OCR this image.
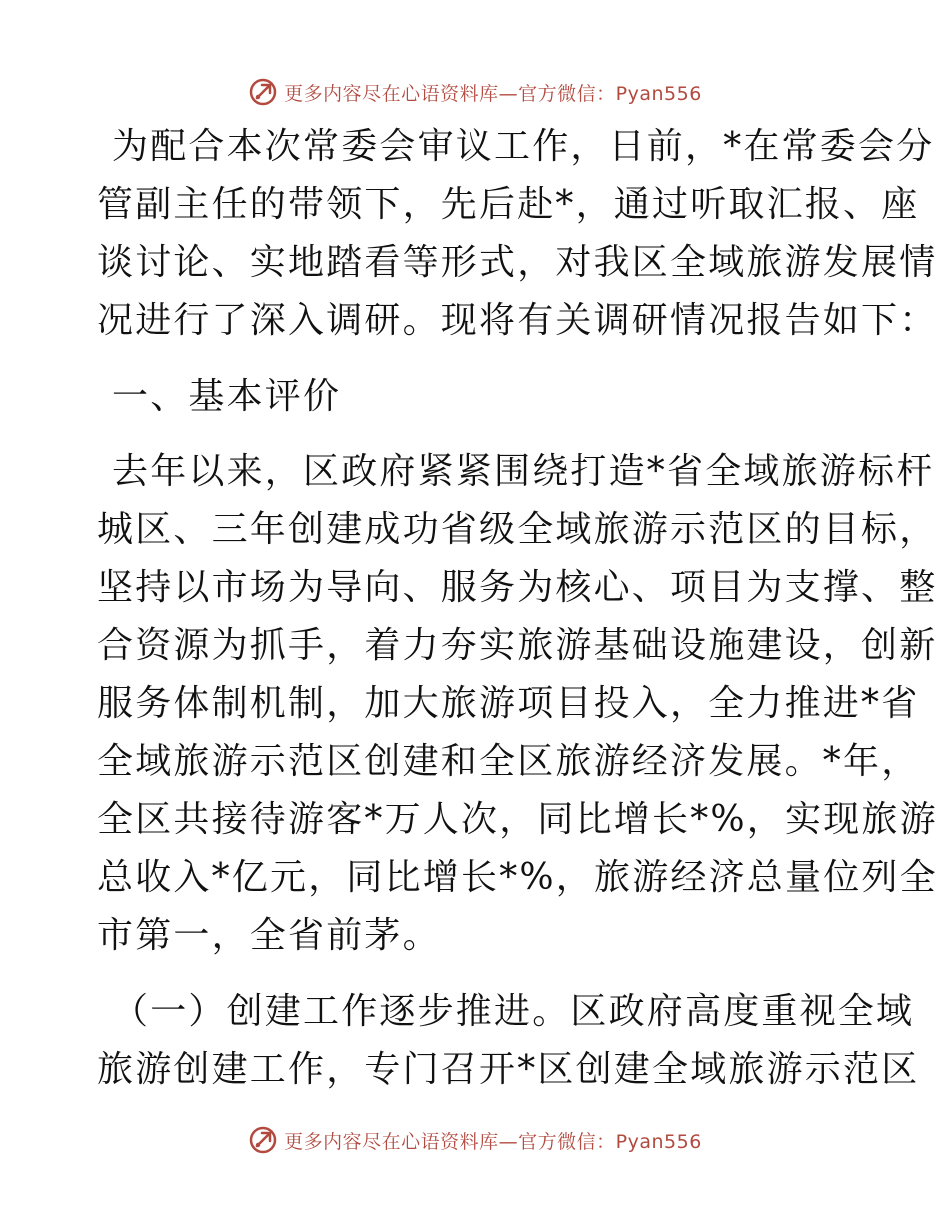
更多内容尽在心语资料库—官方微信：Pyan556
为配合本次常委会审议工作，日前，*在常委会分
管副主任的带领下，先后赴*，通过听取汇报、座
谈讨论、实地踏看等形式，对我区全域旅游发展情
况进行了深入调研。现将有关调研情况报告如下：
一、基本评价
去年以来，区政府紧紧围绕打造*省全域旅游标杆
城区、三年创建成功省级全域旅游示范区的目标，
坚持以市场为导向、服务为核心、项目为支撑、整
合资源为抓手，着力夯实旅游基础设施建设，创新
服务体制机制，加大旅游项目投入，全力推进*省
全域旅游示范区创建和全区旅游经济发展。*年，
全区共接待游客*万人次，同比增长*%，实现旅游
总收入*亿元，同比增长*%，旅游经济总量位列全
市第一，全省前茅。
（一）创建工作逐步推进。区政府高度重视全域
旅游创建工作，专门召开*区创建全域旅游示范区
更多内容尽在心语资料库—官方微信：Pyan556
